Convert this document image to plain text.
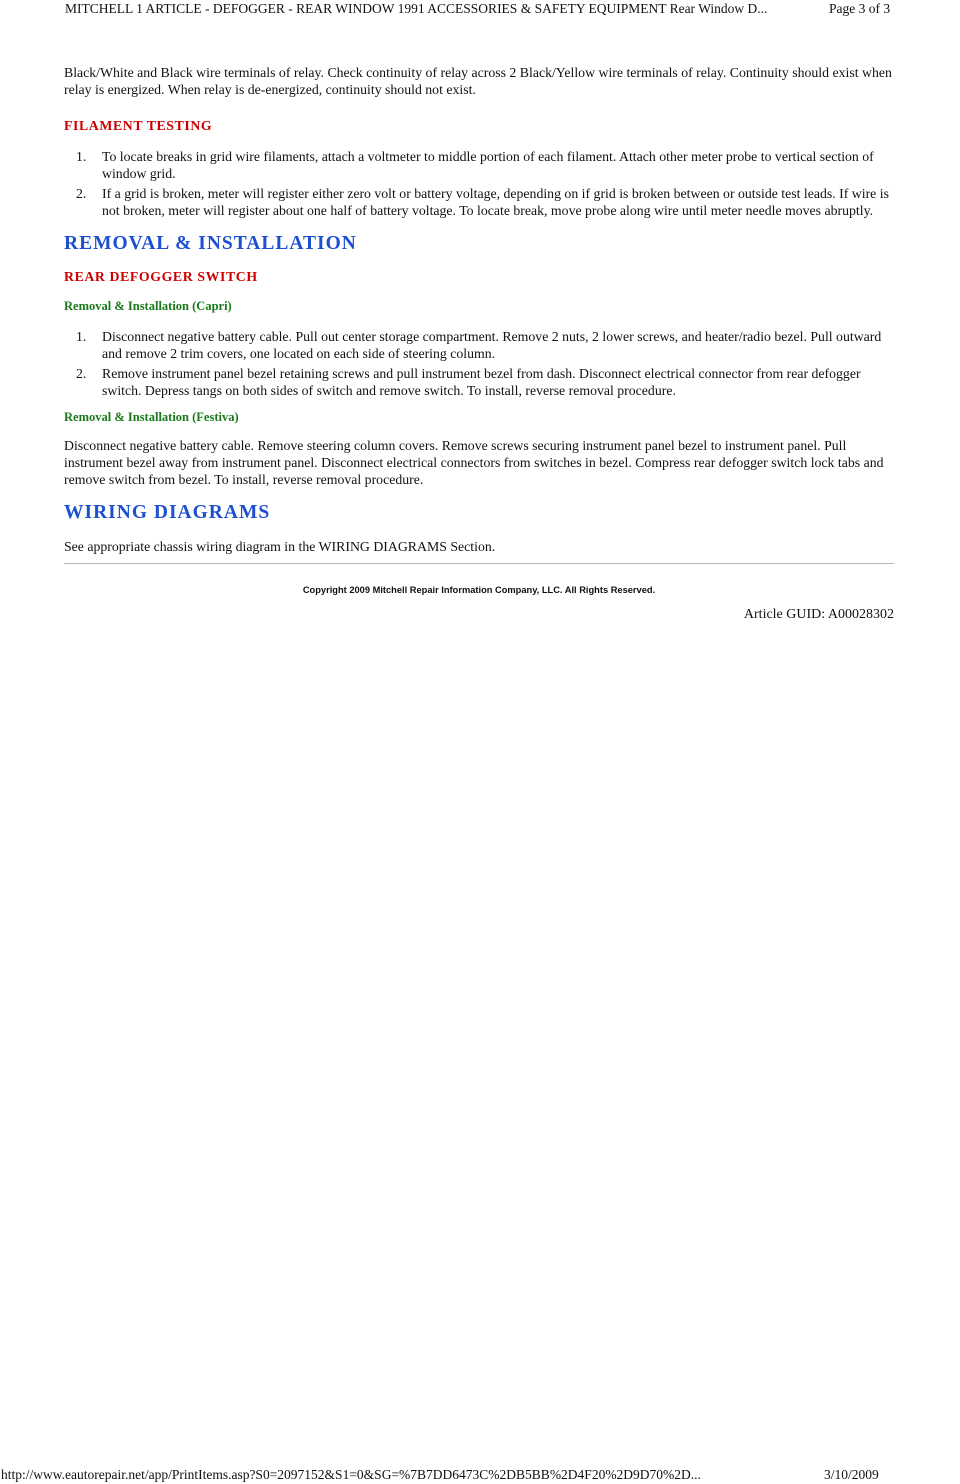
MITCHELL 1 ARTICLE - DEFOGGER - REAR WINDOW 1991 ACCESSORIES & SAFETY EQUIPMENT Rear Window D...	Page 3 of 3

Black/White and Black wire terminals of relay. Check continuity of relay across 2 Black/Yellow wire terminals of relay. Continuity should exist when relay is energized. When relay is de-energized, continuity should not exist.

FILAMENT TESTING
1. To locate breaks in grid wire filaments, attach a voltmeter to middle portion of each filament. Attach other meter probe to vertical section of window grid.
2. If a grid is broken, meter will register either zero volt or battery voltage, depending on if grid is broken between or outside test leads. If wire is not broken, meter will register about one half of battery voltage. To locate break, move probe along wire until meter needle moves abruptly.
REMOVAL & INSTALLATION
REAR DEFOGGER SWITCH
Removal & Installation (Capri)
1. Disconnect negative battery cable. Pull out center storage compartment. Remove 2 nuts, 2 lower screws, and heater/radio bezel. Pull outward and remove 2 trim covers, one located on each side of steering column.
2. Remove instrument panel bezel retaining screws and pull instrument bezel from dash. Disconnect electrical connector from rear defogger switch. Depress tangs on both sides of switch and remove switch. To install, reverse removal procedure.
Removal & Installation (Festiva)

Disconnect negative battery cable. Remove steering column covers. Remove screws securing instrument panel bezel to instrument panel. Pull instrument bezel away from instrument panel. Disconnect electrical connectors from switches in bezel. Compress rear defogger switch lock tabs and remove switch from bezel. To install, reverse removal procedure.

WIRING DIAGRAMS

See appropriate chassis wiring diagram in the WIRING DIAGRAMS Section.

Copyright 2009 Mitchell Repair Information Company, LLC. All Rights Reserved.
Article GUID: A00028302
http://www.eautorepair.net/app/PrintItems.asp?S0=2097152&S1=0&SG=%7B7DD6473C%2DB5BB%2D4F20%2D9D70%2D...	3/10/2009
